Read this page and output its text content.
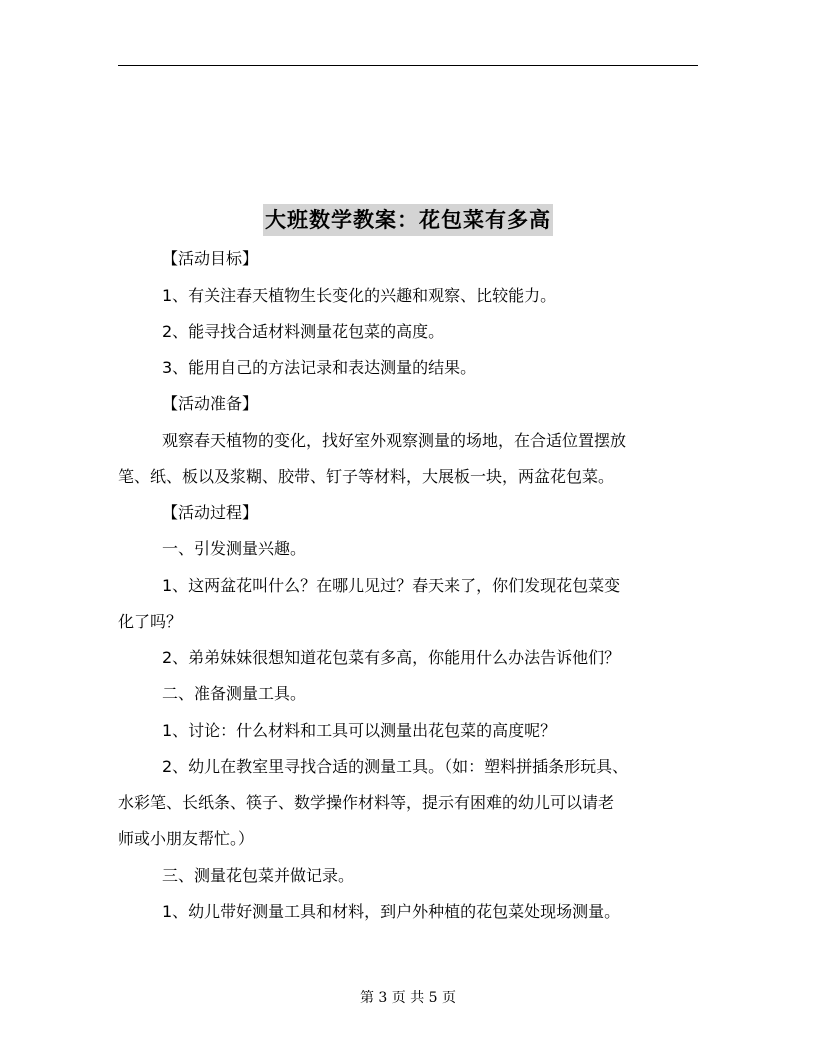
大班数学教案：花包菜有多高
【活动目标】
1、有关注春天植物生长变化的兴趣和观察、比较能力。
2、能寻找合适材料测量花包菜的高度。
3、能用自己的方法记录和表达测量的结果。
【活动准备】
观察春天植物的变化，找好室外观察测量的场地，在合适位置摆放
笔、纸、板以及浆糊、胶带、钉子等材料，大展板一块，两盆花包菜。
【活动过程】
一、引发测量兴趣。
1、这两盆花叫什么？在哪儿见过？春天来了，你们发现花包菜变
化了吗？
2、弟弟妹妹很想知道花包菜有多高，你能用什么办法告诉他们？
二、准备测量工具。
1、讨论：什么材料和工具可以测量出花包菜的高度呢？
2、幼儿在教室里寻找合适的测量工具。（如：塑料拼插条形玩具、
水彩笔、长纸条、筷子、数学操作材料等，提示有困难的幼儿可以请老
师或小朋友帮忙。）
三、测量花包菜并做记录。
1、幼儿带好测量工具和材料，到户外种植的花包菜处现场测量。
第 3 页 共 5 页
